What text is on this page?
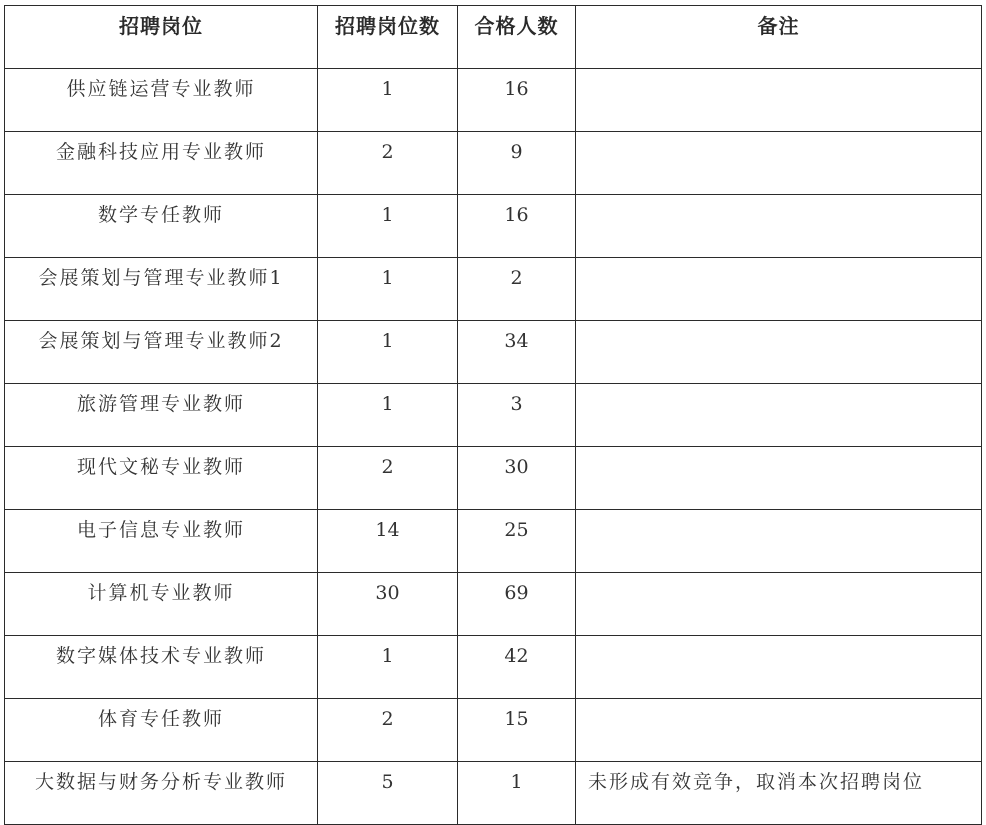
招聘岗位	招聘岗位数	合格人数	备注
供应链运营专业教师	1	16	
金融科技应用专业教师	2	9	
数学专任教师	1	16	
会展策划与管理专业教师1	1	2	
会展策划与管理专业教师2	1	34	
旅游管理专业教师	1	3	
现代文秘专业教师	2	30	
电子信息专业教师	14	25	
计算机专业教师	30	69	
数字媒体技术专业教师	1	42	
体育专任教师	2	15	
大数据与财务分析专业教师	5	1	未形成有效竞争，取消本次招聘岗位
